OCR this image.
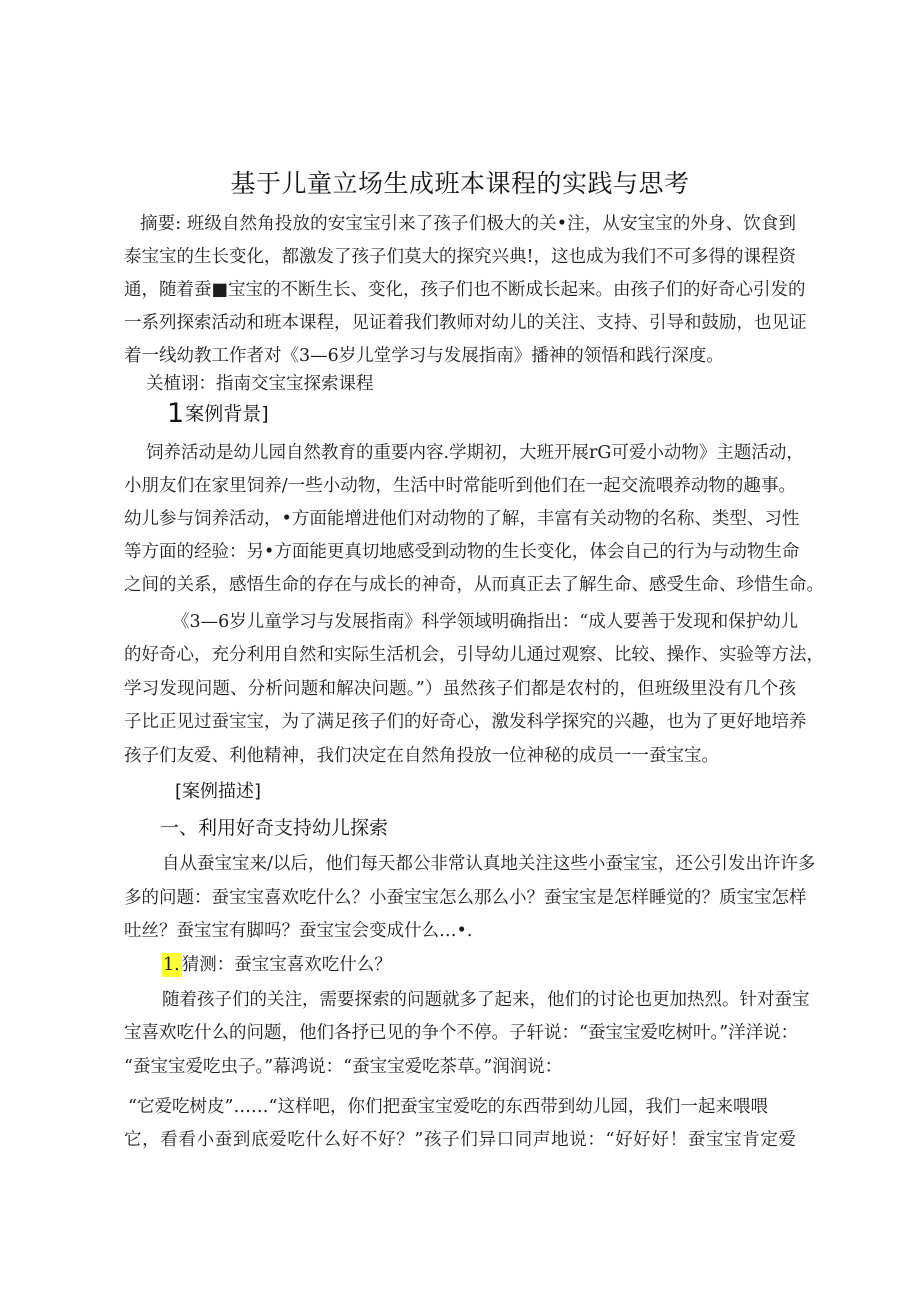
基于儿童立场生成班本课程的实践与思考
摘要: 班级自然角投放的安宝宝引来了孩子们极大的关•注，从安宝宝的外身、饮食到
泰宝宝的生长变化，都激发了孩子们莫大的探究兴典!，这也成为我们不可多得的课程资
通，随着蚕■宝宝的不断生长、变化，孩子们也不断成长起来。由孩子们的好奇心引发的
一系列探索活动和班本课程，见证着我们教师对幼儿的关注、支持、引导和鼓励，也见证
着一线幼教工作者对《3—6岁儿堂学习与发展指南》播神的领悟和践行深度。
关植诩：指南交宝宝探索课程
1案例背景]
饲养活动是幼儿园自然教育的重要内容.学期初，大班开展rG可爱小动物》主题活动，
小朋友们在家里饲养/一些小动物，生活中时常能听到他们在一起交流喂养动物的趣事。
幼儿参与饲养活动，•方面能增进他们对动物的了解，丰富有关动物的名称、类型、习性
等方面的经验：另•方面能更真切地感受到动物的生长变化，体会自己的行为与动物生命
之间的关系，感悟生命的存在与成长的神奇，从而真正去了解生命、感受生命、珍惜生命。
《3—6岁儿童学习与发展指南》科学领域明确指出：“成人要善于发现和保护幼儿
的好奇心，充分利用自然和实际生活机会，引导幼儿通过观察、比较、操作、实验等方法，
学习发现问题、分析问题和解决问题。”）虽然孩子们都是农村的，但班级里没有几个孩
子比正见过蚕宝宝，为了满足孩子们的好奇心，激发科学探究的兴趣，也为了更好地培养
孩子们友爱、利他精神，我们决定在自然角投放一位神秘的成员一一蚕宝宝。
[案例描述]
一、利用好奇支持幼儿探索
自从蚕宝宝来/以后，他们每天都公非常认真地关注这些小蚕宝宝，还公引发出许许多
多的问题：蚕宝宝喜欢吃什么？小蚕宝宝怎么那么小？蚕宝宝是怎样睡觉的？质宝宝怎样
吐丝？蚕宝宝有脚吗？蚕宝宝会变成什么…•.
1. 猜测：蚕宝宝喜欢吃什么？
随着孩子们的关注，需要探索的问题就多了起来，他们的讨论也更加热烈。针对蚕宝
宝喜欢吃什么的问题，他们各抒已见的争个不停。子轩说：“蚕宝宝爱吃树叶。”洋洋说：
“蚕宝宝爱吃虫子。”幕鸿说：“蚕宝宝爱吃茶草。”润润说：
“它爱吃树皮”……“这样吧，你们把蚕宝宝爱吃的东西带到幼儿园，我们一起来喂喂
它，看看小蚕到底爱吃什么好不好？”孩子们异口同声地说：“好好好！蚕宝宝肯定爱
